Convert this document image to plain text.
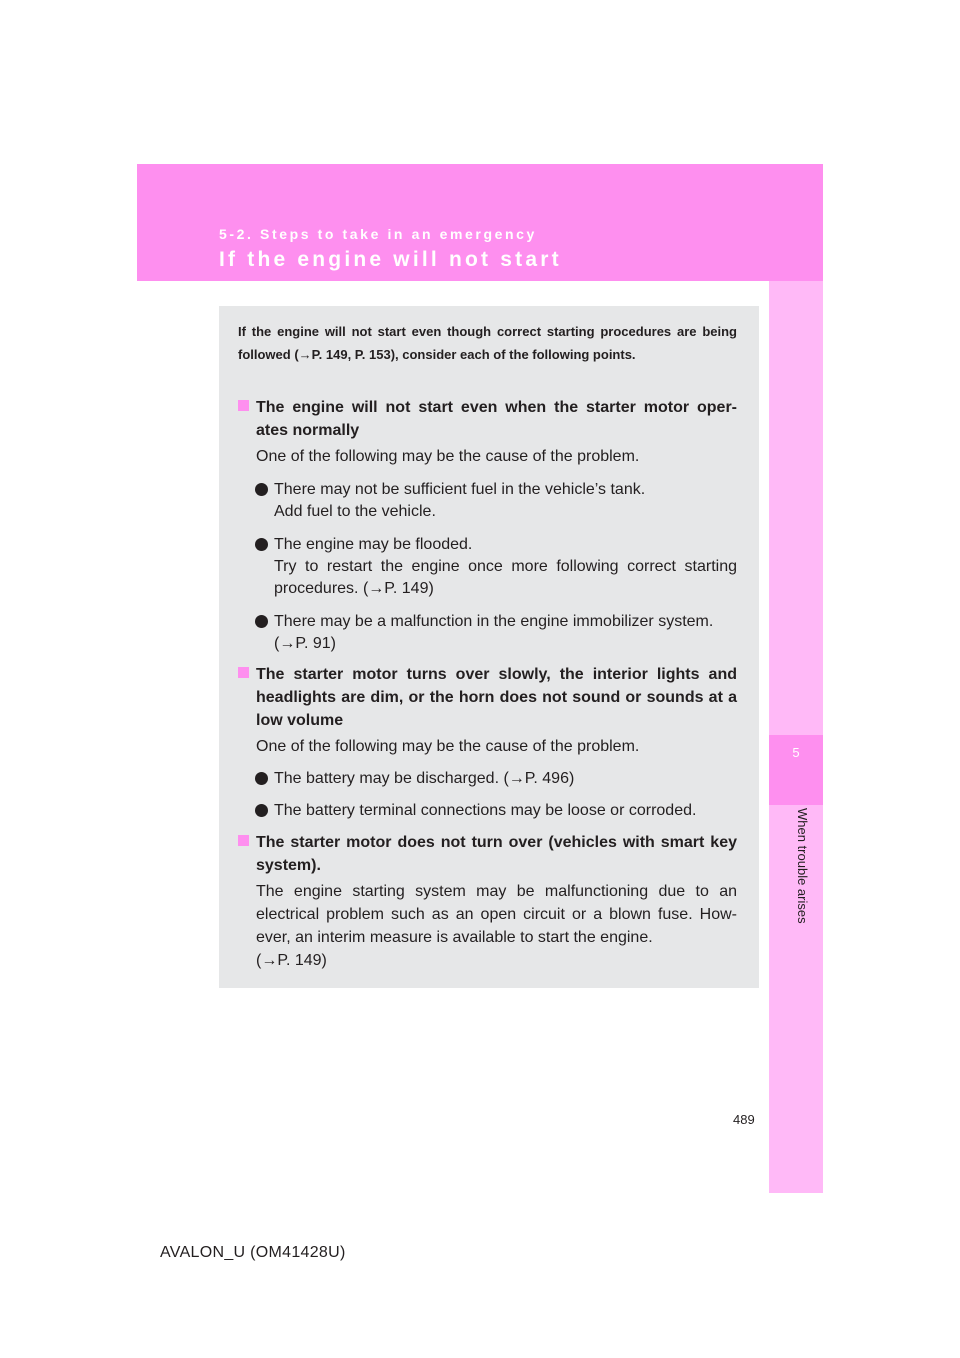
5-2. Steps to take in an emergency
If the engine will not start
5
When trouble arises
If the engine will not start even though correct starting procedures are being followed (→P. 149, P. 153), consider each of the following points.
The engine will not start even when the starter motor oper- ates normally
One of the following may be the cause of the problem.
There may not be sufficient fuel in the vehicle’s tank.
Add fuel to the vehicle.
The engine may be flooded.
Try to restart the engine once more following correct starting procedures. (→P. 149)
There may be a malfunction in the engine immobilizer system.
(→P. 91)
The starter motor turns over slowly, the interior lights and headlights are dim, or the horn does not sound or sounds at a low volume
One of the following may be the cause of the problem.
The battery may be discharged. (→P. 496)
The battery terminal connections may be loose or corroded.
The starter motor does not turn over (vehicles with smart key system).
The engine starting system may be malfunctioning due to an electrical problem such as an open circuit or a blown fuse. How- ever, an interim measure is available to start the engine.
(→P. 149)
489
AVALON_U (OM41428U)
